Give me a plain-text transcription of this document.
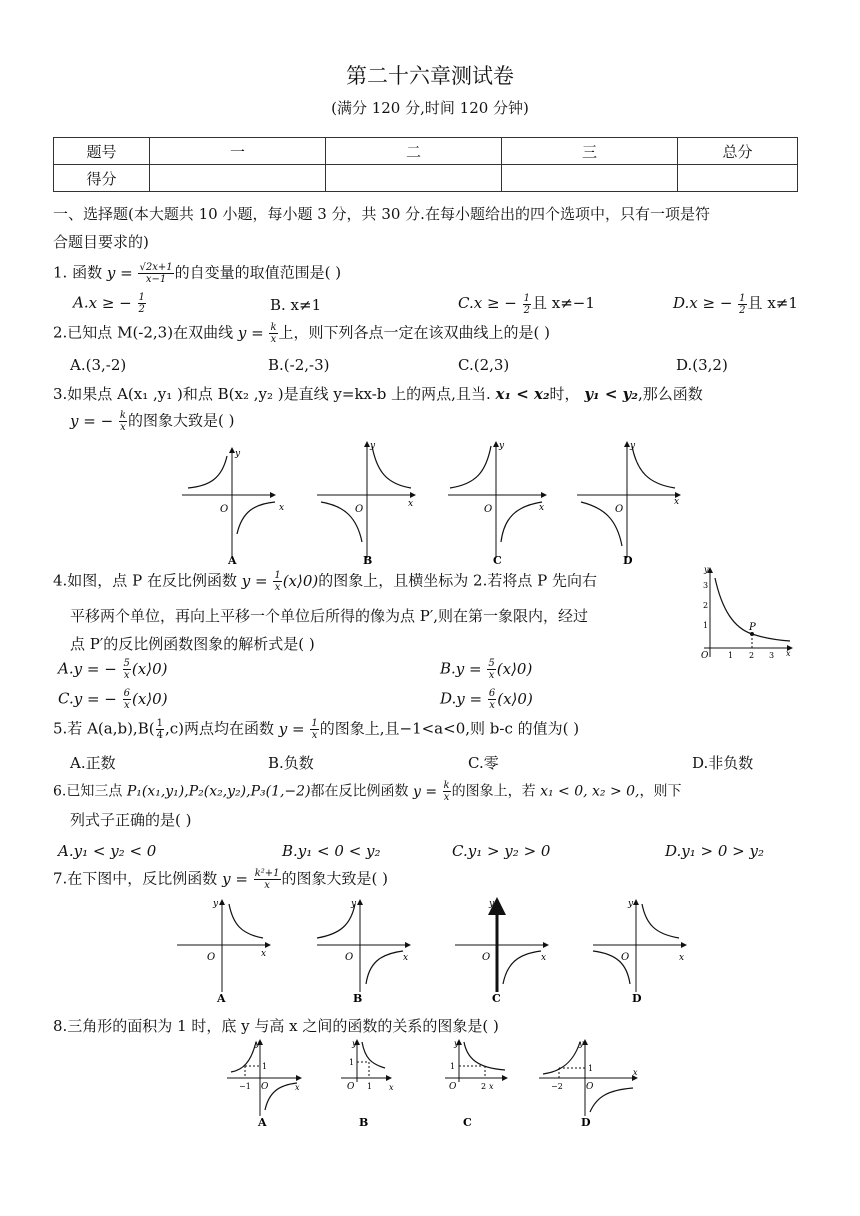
第二十六章测试卷
(满分 120 分,时间 120 分钟)
题号	一	二	三	总分
得分				
一、选择题(本大题共 10 小题，每小题 3 分，共 30 分.在每小题给出的四个选项中，只有一项是符
合题目要求的)
1. 函数 $y = \frac{√2x+1}{x-1}$ 的自变量的取值范围是( )
A.x ≥ − $\frac{1}{2}$	B. x≠1	C.x ≥ − $\frac{1}{2}$ 且 x≠−1	D.x ≥ − $\frac{1}{2}$ 且 x≠1
2.已知点 M(-2,3)在双曲线 $y = \frac{k}{x}$ 上，则下列各点一定在该双曲线上的是( )
A.(3,-2)	B.(-2,-3)	C.(2,3)	D.(3,2)
3.如果点 A(x₁ ,y₁ )和点 B(x₂ ,y₂ )是直线 y=kx-b 上的两点,且当. x₁ < x₂时， y₁ < y₂,那么函数
y = − $\frac{k}{x}$ 的图象大致是( )
y
O	x
A
y
O	x
B
y
O	x
C
y
O
x
D
4.如图，点 P 在反比例函数 $y = \frac{1}{x}$ (x⟩0)的图象上，且横坐标为 2.若将点 P 先向右
平移两个单位，再向上平移一个单位后所得的像为点 P′,则在第一象限内，经过
点 P′的反比例函数图象的解析式是( )
A.y = − $\frac{5}{x}$ (x⟩0)	$B.y = \frac{5}{x}$ (x⟩0)
C.y = − $\frac{6}{x}$ (x⟩0)	$D.y = \frac{6}{x}$ (x⟩0)
P
y
3
2
1
O 1 2 3 x
5.若 $A(a,b),B( \frac{1}{4} ,c)$两点均在函数 $y = \frac{1}{x}$ 的图象上,且−1<a<0,则 b-c 的值为( )
A.正数	B.负数	C.零	D.非负数
6.已知三点 P₁(x₁,y₁),P₂(x₂,y₂),P₃(1,−2)都在反比例函数 $y = \frac{k}{x}$ 的图象上，若 x₁ < 0, x₂ > 0,，则下
列式子正确的是( )
A.y₁ < y₂ < 0	B.y₁ < 0 < y₂	C.y₁ > y₂ > 0	D.y₁ > 0 > y₂
7.在下图中，反比例函数 $y = \frac{\text{k²+1}}{x}$ 的图象大致是( )
y
O	x
A
y
O	x
B
y
O	x
C
y
O	x
D
8.三角形的面积为 1 时，底 y 与高 x 之间的函数的关系的图象是( )
1
−1 O
y
x
A
1
1
O
y
x
B
1
2
O
y
x
C
1
−2	O
y
x
D
